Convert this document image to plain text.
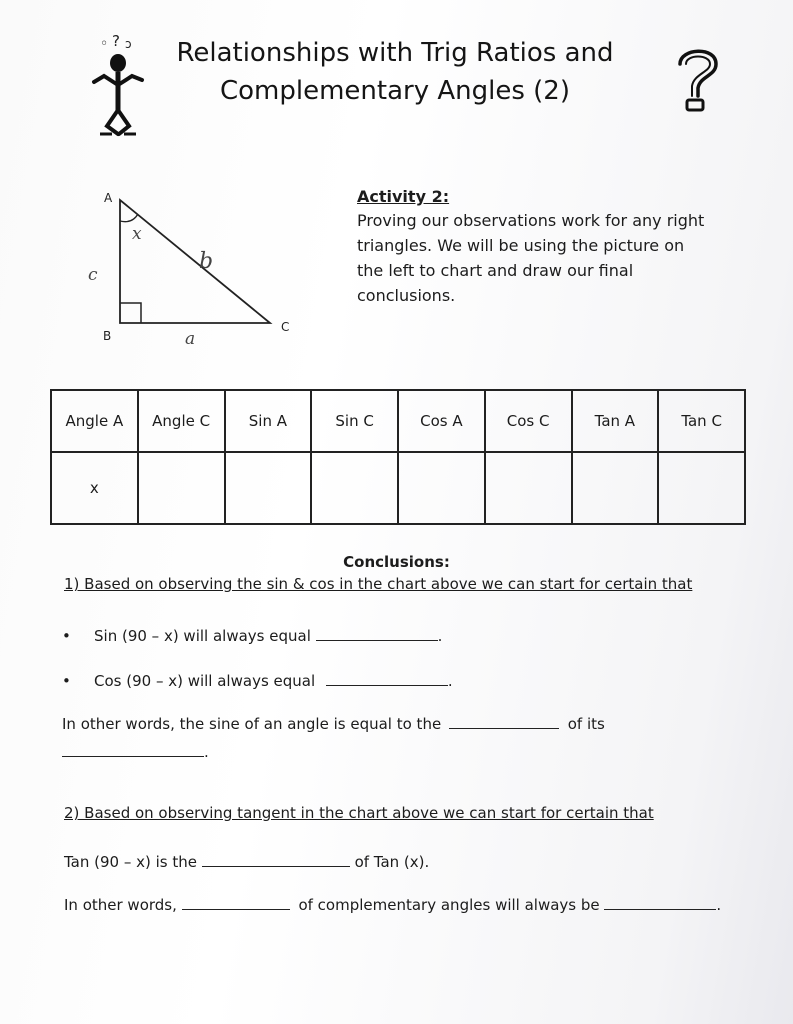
◦ ? ɔ	Relationships with Trig Ratios and
Complementary Angles (2)
A
B
C
c
b
a
x
Activity 2:
Proving our observations work for any right
triangles. We will be using the picture on
the left to chart and draw our final
conclusions.
Angle A	Angle C	Sin A	Sin C	Cos A	Cos C	Tan A	Tan C
x							
Conclusions:
1) Based on observing the sin & cos in the chart above we can start for certain that
• Sin (90 – x) will always equal	.
• Cos (90 – x) will always equal	.
In other words, the sine of an angle is equal to the	of its
.
2) Based on observing tangent in the chart above we can start for certain that
Tan (90 – x) is the	of Tan (x).
In other words,	of complementary angles will always be	.
